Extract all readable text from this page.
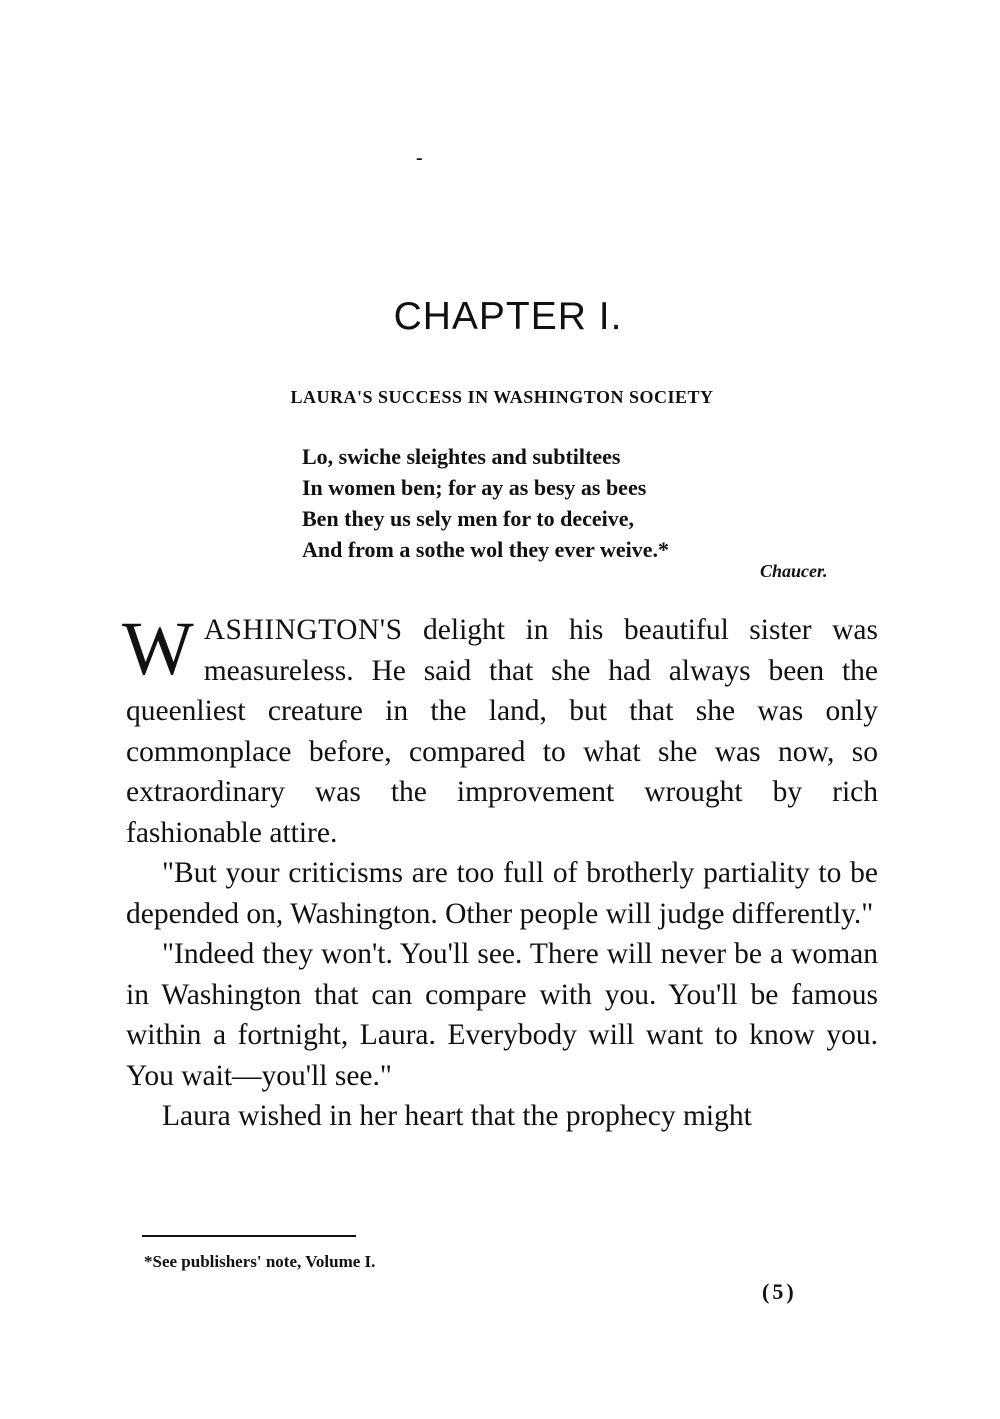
-
CHAPTER I.
LAURA'S SUCCESS IN WASHINGTON SOCIETY
Lo, swiche sleightes and subtiltees
In women ben; for ay as besy as bees
Ben they us sely men for to deceive,
And from a sothe wol they ever weive.*
Chaucer.

WASHINGTON'S delight in his beautiful sister was measureless. He said that she had always been the queenliest creature in the land, but that she was only commonplace before, compared to what she was now, so extraordinary was the improvement wrought by rich fashionable attire.

"But your criticisms are too full of brotherly partiality to be depended on, Washington. Other people will judge differently."

"Indeed they won't. You'll see. There will never be a woman in Washington that can compare with you. You'll be famous within a fortnight, Laura. Everybody will want to know you. You wait—you'll see."

Laura wished in her heart that the prophecy might

*See publishers' note, Volume I.
(5)
